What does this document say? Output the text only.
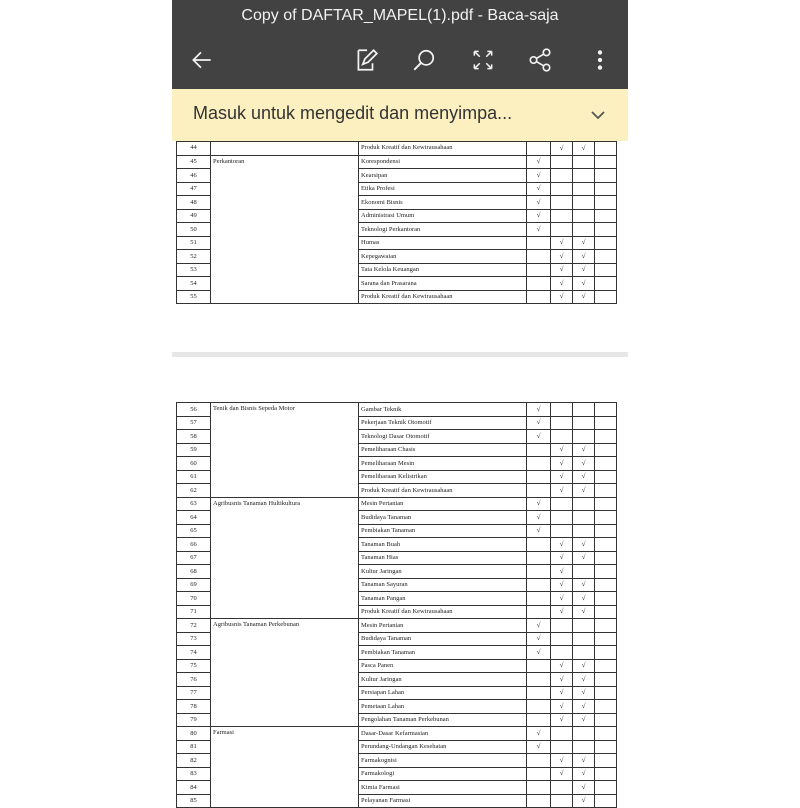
Copy of DAFTAR_MAPEL(1).pdf - Baca-saja
Masuk untuk mengedit dan menyimpa...
44		Produk Kreatif dan Kewirausahaan		√	√	
45	Perkantoran	Korespondensi	√			
46		Kearsipan	√			
47		Etika Profesi	√			
48		Ekonomi Bisnis	√			
49		Administrasi Umum	√			
50		Teknologi Perkantoran	√			
51		Humas		√	√	
52		Kepegawaian		√	√	
53		Tata Kelola Keuangan		√	√	
54		Sarana dan Prasarana		√	√	
55		Produk Kreatif dan Kewirausahaan		√	√	
56	Tenik dan Bisnis Sepeda Motor	Gambar Teknik	√			
57		Pekerjaan Teknik Otomotif	√			
58		Teknologi Dasar Otomotif	√			
59		Pemeliharaan Chasis		√	√	
60		Pemeliharaan Mesin		√	√	
61		Pemeliharaan Kelistrikan		√	√	
62		Produk Kreatif dan Kewirausahaan		√	√	
63	Agribusnis Tanaman Hultikultura	Mesin Pertanian	√			
64		Budidaya Tanaman	√			
65		Pembiakan Tanaman	√			
66		Tanaman Buah		√	√	
67		Tanaman Hias		√	√	
68		Kultur Jaringan		√		
69		Tanaman Sayuran		√	√	
70		Tanaman Pangan		√	√	
71		Produk Kreatif dan Kewirausahaan		√	√	
72	Agribusnis Tanaman Perkebunan	Mesin Pertanian	√			
73		Budidaya Tanaman	√			
74		Pembiakan Tanaman	√			
75		Pasca Panen		√	√	
76		Kultur Jaringan		√	√	
77		Persiapan Lahan		√	√	
78		Pemetaan Lahan		√	√	
79		Pengolahan Tanaman Perkebunan		√	√	
80	Farmasi	Dasar-Dasar Kefarmasian	√			
81		Perundang-Undangan Kesehatan	√			
82		Farmakognisi		√	√	
83		Farmakologi		√	√	
84		Kimia Farmasi			√	
85		Pelayanan Farmasi			√	
